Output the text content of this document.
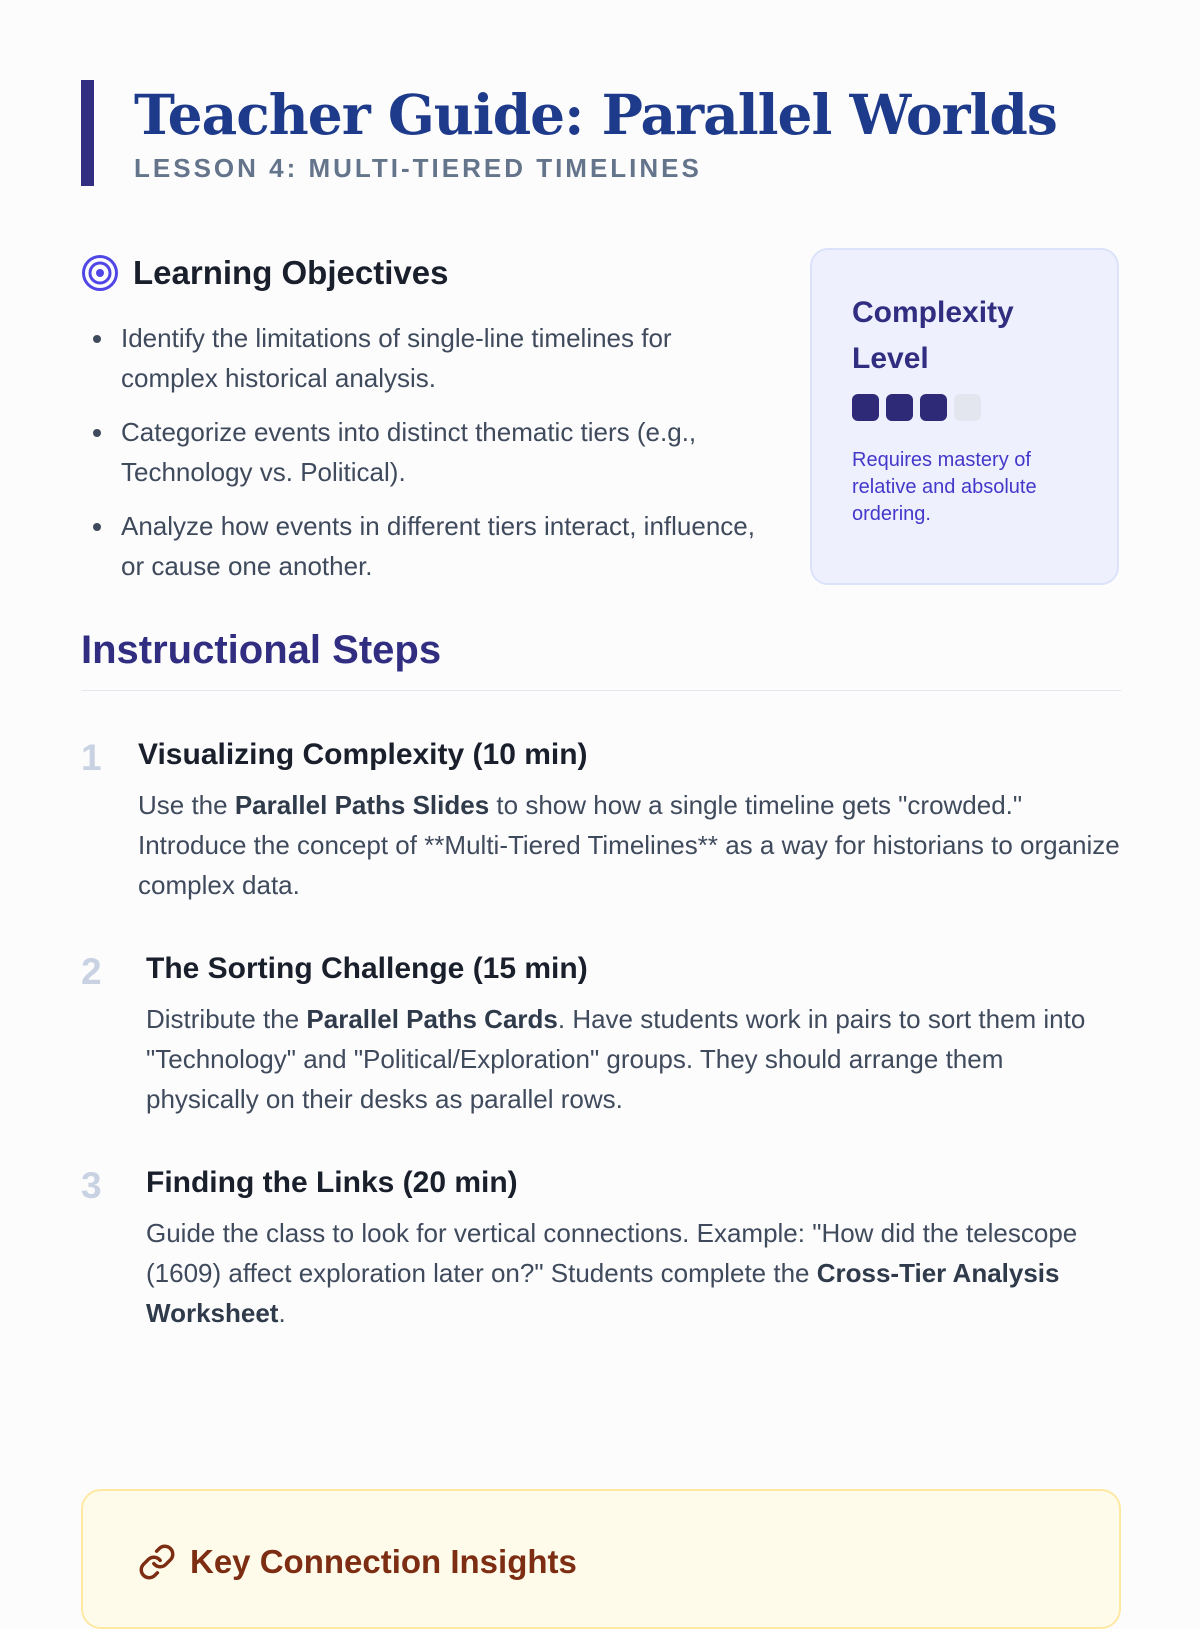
Teacher Guide: Parallel Worlds
LESSON 4: MULTI-TIERED TIMELINES
Learning Objectives
Identify the limitations of single-line timelines for complex historical analysis.
Categorize events into distinct thematic tiers (e.g., Technology vs. Political).
Analyze how events in different tiers interact, influence, or cause one another.
Complexity Level
Requires mastery of relative and absolute ordering.
Instructional Steps
1 Visualizing Complexity (10 min)
Use the Parallel Paths Slides to show how a single timeline gets "crowded." Introduce the concept of **Multi-Tiered Timelines** as a way for historians to organize complex data.
2 The Sorting Challenge (15 min)
Distribute the Parallel Paths Cards. Have students work in pairs to sort them into "Technology" and "Political/Exploration" groups. They should arrange them physically on their desks as parallel rows.
3 Finding the Links (20 min)
Guide the class to look for vertical connections. Example: "How did the telescope (1609) affect exploration later on?" Students complete the Cross-Tier Analysis Worksheet.
Key Connection Insights
